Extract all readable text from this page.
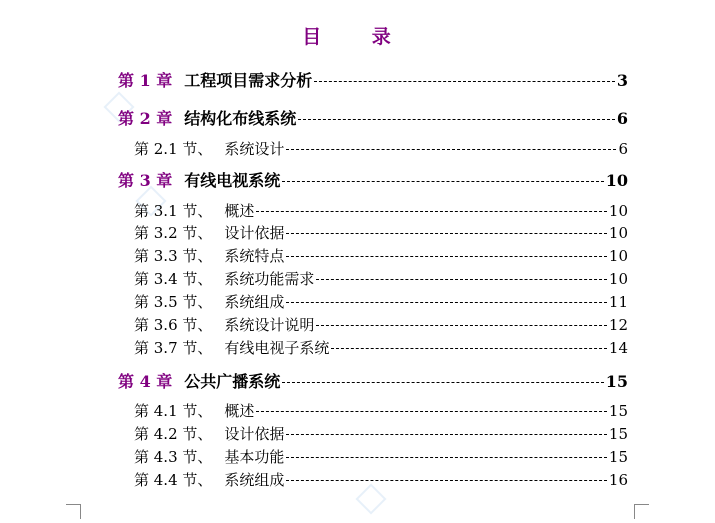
目 录
第 1 章 工程项目需求分析	3
第 2 章 结构化布线系统	6
第 2.1 节、 系统设计	6
第 3 章 有线电视系统	10
第 3.1 节、 概述	10
第 3.2 节、 设计依据	10
第 3.3 节、 系统特点	10
第 3.4 节、 系统功能需求	10
第 3.5 节、 系统组成	11
第 3.6 节、 系统设计说明	12
第 3.7 节、 有线电视子系统	14
第 4 章 公共广播系统	15
第 4.1 节、 概述	15
第 4.2 节、 设计依据	15
第 4.3 节、 基本功能	15
第 4.4 节、 系统组成	16
